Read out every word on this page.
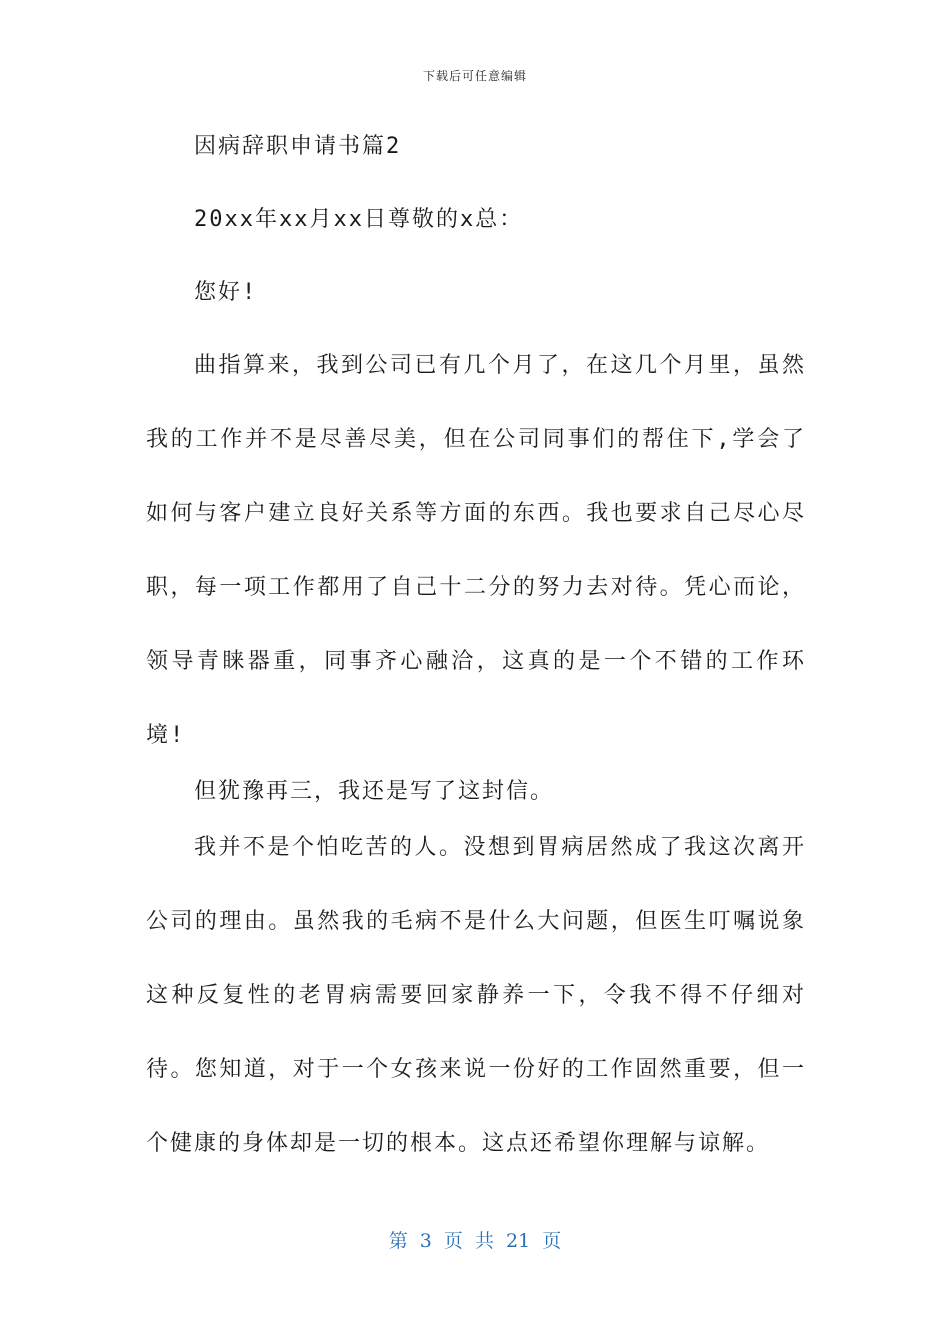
下载后可任意编辑

因病辞职申请书篇2

20xx年xx月xx日尊敬的x总：

您好!

曲指算来，我到公司已有几个月了，在这几个月里，虽然我的工作并不是尽善尽美，但在公司同事们的帮住下,学会了如何与客户建立良好关系等方面的东西。我也要求自己尽心尽职，每一项工作都用了自己十二分的努力去对待。凭心而论，领导青睐器重，同事齐心融洽，这真的是一个不错的工作环境!

但犹豫再三，我还是写了这封信。

我并不是个怕吃苦的人。没想到胃病居然成了我这次离开公司的理由。虽然我的毛病不是什么大问题，但医生叮嘱说象这种反复性的老胃病需要回家静养一下，令我不得不仔细对待。您知道，对于一个女孩来说一份好的工作固然重要，但一个健康的身体却是一切的根本。这点还希望你理解与谅解。

第 3 页 共 21 页
